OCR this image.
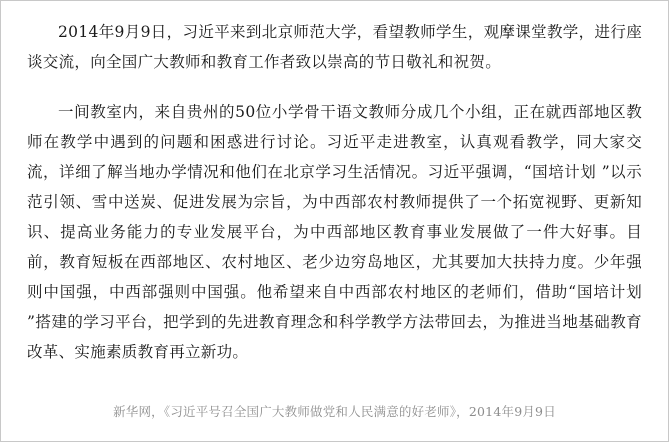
2014年9月9日，习近平来到北京师范大学，看望教师学生，观摩课堂教学，进行座谈交流，向全国广大教师和教育工作者致以崇高的节日敬礼和祝贺。

一间教室内，来自贵州的50位小学骨干语文教师分成几个小组，正在就西部地区教师在教学中遇到的问题和困惑进行讨论。习近平走进教室，认真观看教学，同大家交流，详细了解当地办学情况和他们在北京学习生活情况。习近平强调，“国培计划 ”以示范引领、雪中送炭、促进发展为宗旨，为中西部农村教师提供了一个拓宽视野、更新知识、提高业务能力的专业发展平台，为中西部地区教育事业发展做了一件大好事。目前，教育短板在西部地区、农村地区、老少边穷岛地区，尤其要加大扶持力度。少年强则中国强，中西部强则中国强。他希望来自中西部农村地区的老师们，借助“国培计划 ”搭建的学习平台，把学到的先进教育理念和科学教学方法带回去，为推进当地基础教育改革、实施素质教育再立新功。

新华网，《习近平号召全国广大教师做党和人民满意的好老师》，2014年9月9日
